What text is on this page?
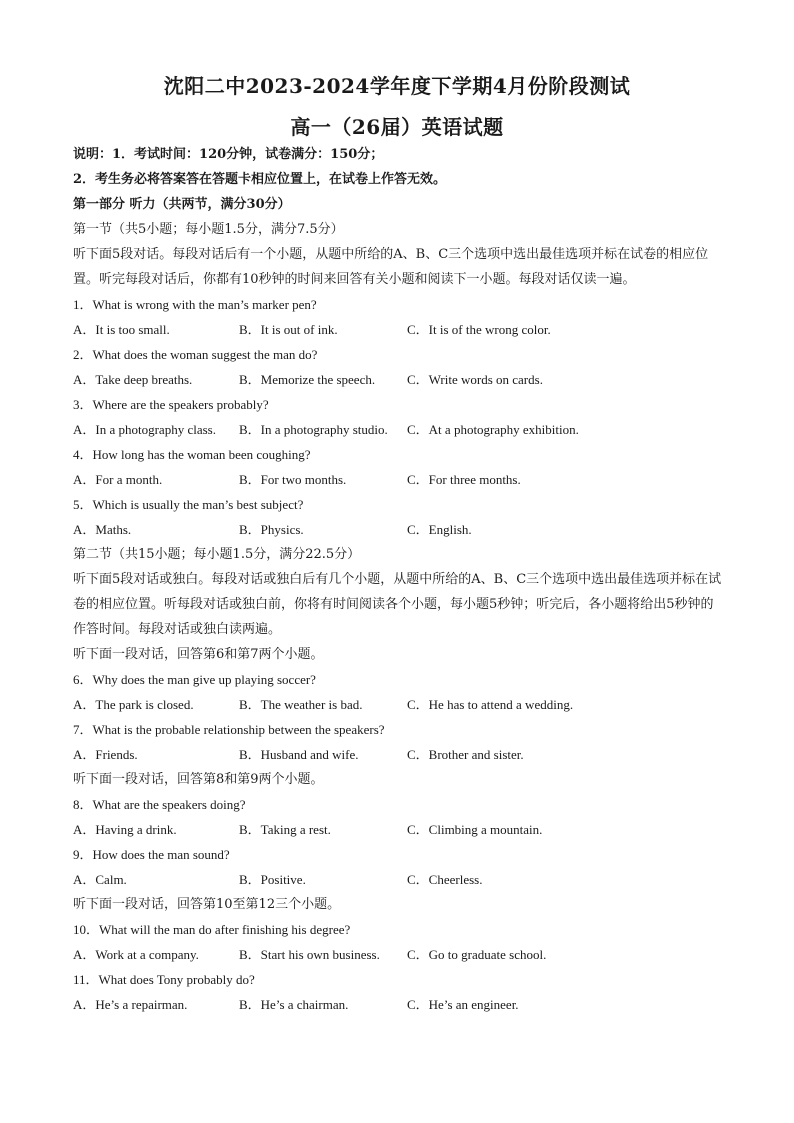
沈阳二中2023-2024学年度下学期4月份阶段测试
高一（26届）英语试题
说明：1．考试时间：120分钟，试卷满分：150分；
2．考生务必将答案答在答题卡相应位置上，在试卷上作答无效。
第一部分 听力（共两节，满分30分）
第一节（共5小题；每小题1.5分，满分7.5分）
听下面5段对话。每段对话后有一个小题，从题中所给的A、B、C三个选项中选出最佳选项并标在试卷的相应位置。听完每段对话后，你都有10秒钟的时间来回答有关小题和阅读下一小题。每段对话仅读一遍。
1．What is wrong with the man’s marker pen?
A．It is too small.	B．It is out of ink.	C．It is of the wrong color.
2．What does the woman suggest the man do?
A．Take deep breaths.	B．Memorize the speech. C．Write words on cards.
3．Where are the speakers probably?
A．In a photography class. B．In a photography studio. C．At a photography exhibition.
4．How long has the woman been coughing?
A．For a month.	B．For two months.	C．For three months.
5．Which is usually the man’s best subject?
A．Maths.	B．Physics.	C．English.
第二节（共15小题；每小题1.5分，满分22.5分）
听下面5段对话或独白。每段对话或独白后有几个小题，从题中所给的A、B、C三个选项中选出最佳选项并标在试卷的相应位置。听每段对话或独白前，你将有时间阅读各个小题，每小题5秒钟；听完后，各小题将给出5秒钟的作答时间。每段对话或独白读两遍。
听下面一段对话，回答第6和第7两个小题。
6．Why does the man give up playing soccer?
A．The park is closed.	B．The weather is bad.	C．He has to attend a wedding.
7．What is the probable relationship between the speakers?
A．Friends.	B．Husband and wife.	C．Brother and sister.
听下面一段对话，回答第8和第9两个小题。
8．What are the speakers doing?
A．Having a drink.	B．Taking a rest.	C．Climbing a mountain.
9．How does the man sound?
A．Calm.	B．Positive.	C．Cheerless.
听下面一段对话，回答第10至第12三个小题。
10．What will the man do after finishing his degree?
A．Work at a company.	B．Start his own business. C．Go to graduate school.
11．What does Tony probably do?
A．He’s a repairman.	B．He’s a chairman.	C．He’s an engineer.
